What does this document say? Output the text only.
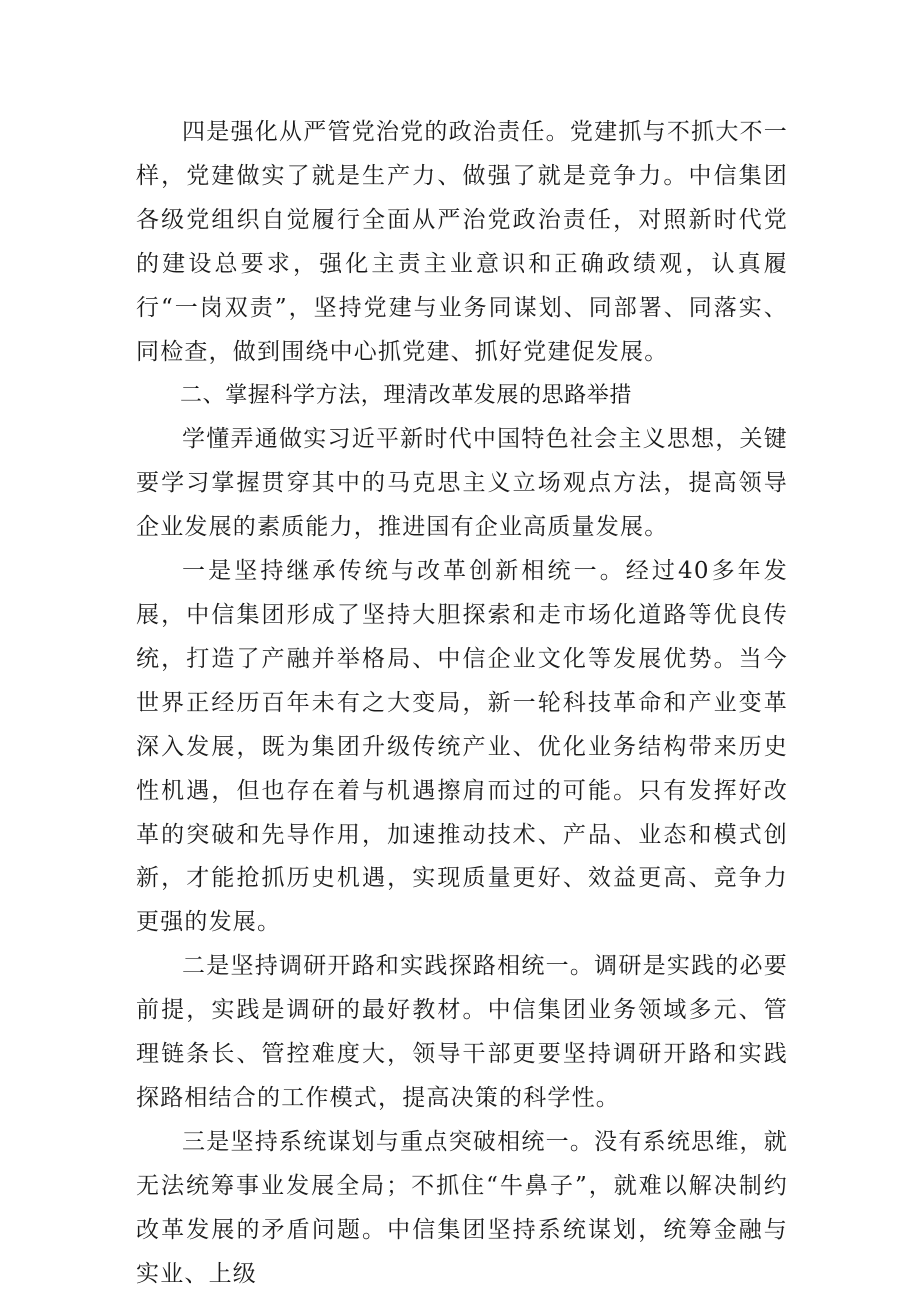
四是强化从严管党治党的政治责任。党建抓与不抓大不一样，党建做实了就是生产力、做强了就是竞争力。中信集团各级党组织自觉履行全面从严治党政治责任，对照新时代党的建设总要求，强化主责主业意识和正确政绩观，认真履行“一岗双责”，坚持党建与业务同谋划、同部署、同落实、同检查，做到围绕中心抓党建、抓好党建促发展。

二、掌握科学方法，理清改革发展的思路举措

学懂弄通做实习近平新时代中国特色社会主义思想，关键要学习掌握贯穿其中的马克思主义立场观点方法，提高领导企业发展的素质能力，推进国有企业高质量发展。

一是坚持继承传统与改革创新相统一。经过40多年发展，中信集团形成了坚持大胆探索和走市场化道路等优良传统，打造了产融并举格局、中信企业文化等发展优势。当今世界正经历百年未有之大变局，新一轮科技革命和产业变革深入发展，既为集团升级传统产业、优化业务结构带来历史性机遇，但也存在着与机遇擦肩而过的可能。只有发挥好改革的突破和先导作用，加速推动技术、产品、业态和模式创新，才能抢抓历史机遇，实现质量更好、效益更高、竞争力更强的发展。

二是坚持调研开路和实践探路相统一。调研是实践的必要前提，实践是调研的最好教材。中信集团业务领域多元、管理链条长、管控难度大，领导干部更要坚持调研开路和实践探路相结合的工作模式，提高决策的科学性。

三是坚持系统谋划与重点突破相统一。没有系统思维，就无法统筹事业发展全局；不抓住“牛鼻子”，就难以解决制约改革发展的矛盾问题。中信集团坚持系统谋划，统筹金融与实业、上级
